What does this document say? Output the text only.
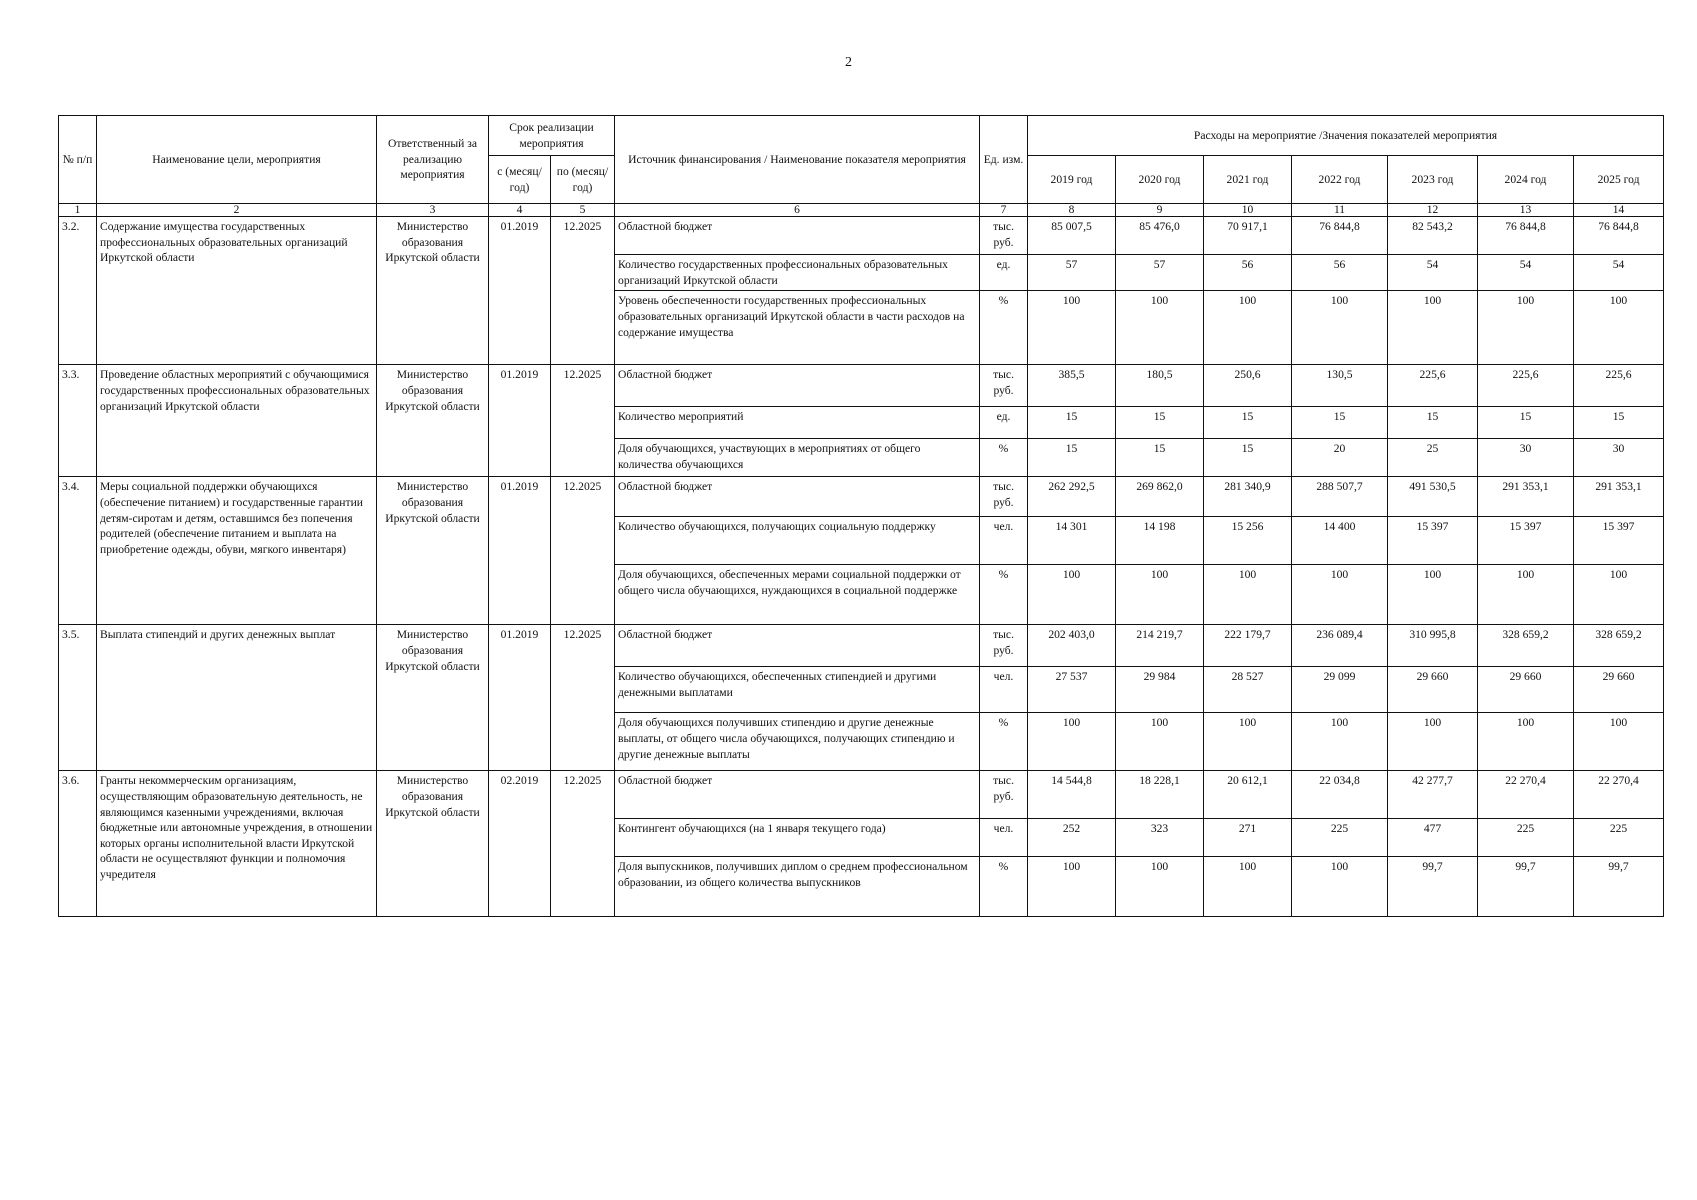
2
№ п/п	Наименование цели, мероприятия	Ответственный за реализацию мероприятия	Срок реализации мероприятия		Источник финансирования / Наименование показателя мероприятия	Ед. изм.	Расходы на мероприятие /Значения показателей мероприятия						
			с (месяц/ год)	по (месяц/ год)			2019 год	2020 год	2021 год	2022 год	2023 год	2024 год	2025 год
1	2	3	4	5	6	7	8	9	10	11	12	13	14
3.2.	Содержание имущества государственных профессиональных образовательных организаций Иркутской области	Министерство образования Иркутской области	01.2019	12.2025	Областной бюджет	тыс. руб.	85 007,5	85 476,0	70 917,1	76 844,8	82 543,2	76 844,8	76 844,8
					Количество государственных профессиональных образовательных организаций Иркутской области	ед.	57	57	56	56	54	54	54
					Уровень обеспеченности государственных профессиональных образовательных организаций Иркутской области в части расходов на содержание имущества	%	100	100	100	100	100	100	100
3.3.	Проведение областных мероприятий с обучающимися государственных профессиональных образовательных организаций Иркутской области	Министерство образования Иркутской области	01.2019	12.2025	Областной бюджет	тыс. руб.	385,5	180,5	250,6	130,5	225,6	225,6	225,6
					Количество мероприятий	ед.	15	15	15	15	15	15	15
					Доля обучающихся, участвующих в мероприятиях от общего количества обучающихся	%	15	15	15	20	25	30	30
3.4.	Меры социальной поддержки обучающихся (обеспечение питанием) и государственные гарантии детям-сиротам и детям, оставшимся без попечения родителей (обеспечение питанием и выплата на приобретение одежды, обуви, мягкого инвентаря)	Министерство образования Иркутской области	01.2019	12.2025	Областной бюджет	тыс. руб.	262 292,5	269 862,0	281 340,9	288 507,7	491 530,5	291 353,1	291 353,1
					Количество обучающихся, получающих социальную поддержку	чел.	14 301	14 198	15 256	14 400	15 397	15 397	15 397
					Доля обучающихся, обеспеченных мерами социальной поддержки от общего числа обучающихся, нуждающихся в социальной поддержке	%	100	100	100	100	100	100	100
3.5.	Выплата стипендий и других денежных выплат	Министерство образования Иркутской области	01.2019	12.2025	Областной бюджет	тыс. руб.	202 403,0	214 219,7	222 179,7	236 089,4	310 995,8	328 659,2	328 659,2
					Количество обучающихся, обеспеченных стипендией и другими денежными выплатами	чел.	27 537	29 984	28 527	29 099	29 660	29 660	29 660
					Доля обучающихся получивших стипендию и другие денежные выплаты, от общего числа обучающихся, получающих стипендию и другие денежные выплаты	%	100	100	100	100	100	100	100
3.6.	Гранты некоммерческим организациям, осуществляющим образовательную деятельность, не являющимся казенными учреждениями, включая бюджетные или автономные учреждения, в отношении которых органы исполнительной власти Иркутской области не осуществляют функции и полномочия учредителя	Министерство образования Иркутской области	02.2019	12.2025	Областной бюджет	тыс. руб.	14 544,8	18 228,1	20 612,1	22 034,8	42 277,7	22 270,4	22 270,4
					Контингент обучающихся (на 1 января текущего года)	чел.	252	323	271	225	477	225	225
					Доля выпускников, получивших диплом о среднем профессиональном образовании, из общего количества выпускников	%	100	100	100	100	99,7	99,7	99,7
